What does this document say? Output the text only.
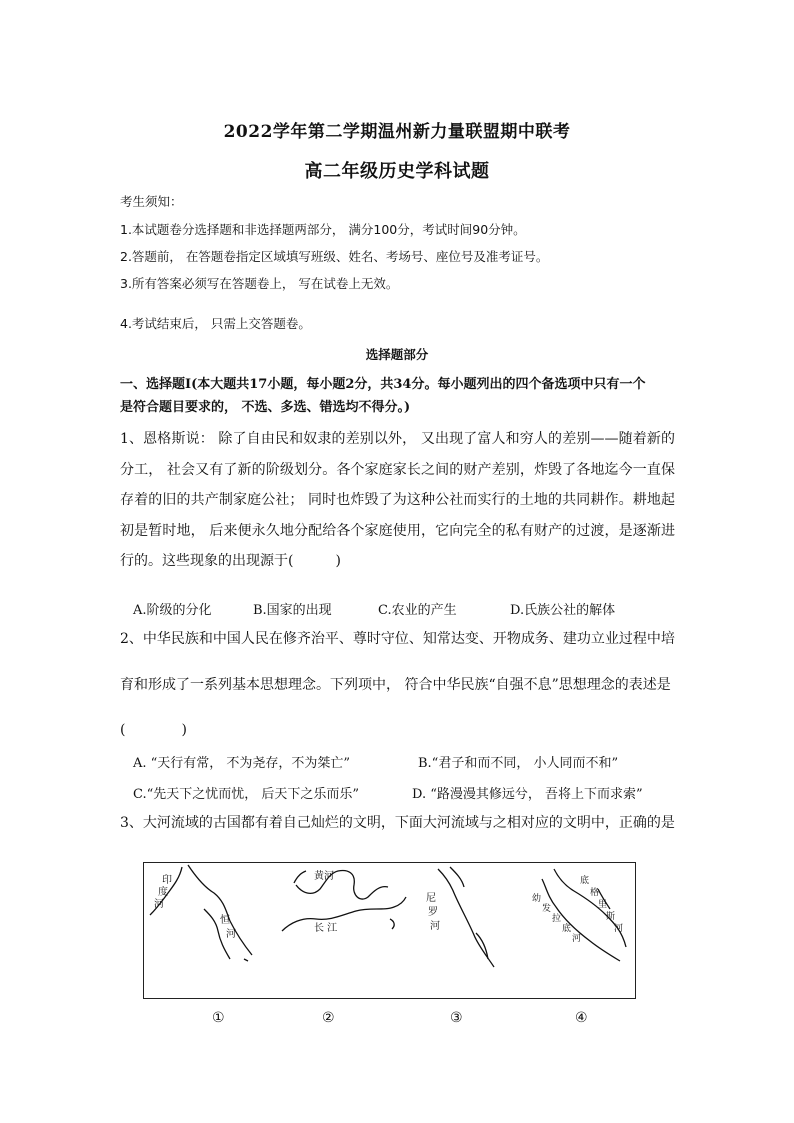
2022学年第二学期温州新力量联盟期中联考
高二年级历史学科试题
考生须知：
1.本试题卷分选择题和非选择题两部分， 满分100分，考试时间90分钟。
2.答题前， 在答题卷指定区域填写班级、姓名、考场号、座位号及准考证号。
3.所有答案必须写在答题卷上， 写在试卷上无效。
4.考试结束后， 只需上交答题卷。
选择题部分
一、选择题I(本大题共17小题，每小题2分，共34分。每小题列出的四个备选项中只有一个
是符合题目要求的， 不选、多选、错选均不得分。)
1、恩格斯说： 除了自由民和奴隶的差别以外， 又出现了富人和穷人的差别——随着新的分工， 社会又有了新的阶级划分。各个家庭家长之间的财产差别，炸毁了各地迄今一直保存着的旧的共产制家庭公社； 同时也炸毁了为这种公社而实行的土地的共同耕作。耕地起初是暂时地， 后来便永久地分配给各个家庭使用，它向完全的私有财产的过渡，是逐渐进行的。这些现象的出现源于(　　　)
A.阶级的分化	B.国家的出现	C.农业的产生	D.氏族公社的解体
2、中华民族和中国人民在修齐治平、尊时守位、知常达变、开物成务、建功立业过程中培
育和形成了一系列基本思想理念。下列项中， 符合中华民族“自强不息”思想理念的表述是
(　　　　)
A. “天行有常， 不为尧存，不为桀亡”	B.“君子和而不同， 小人同而不和”
C.“先天下之忧而忧， 后天下之乐而乐”	D. “路漫漫其修远兮， 吾将上下而求索”
3、大河流域的古国都有着自己灿烂的文明，下面大河流域与之相对应的文明中，正确的是
印
度
河
恒
河
黄河
长 江
尼
罗
河
幼
发
拉
底
河
底
格
里
斯
河
①	②	③	④
